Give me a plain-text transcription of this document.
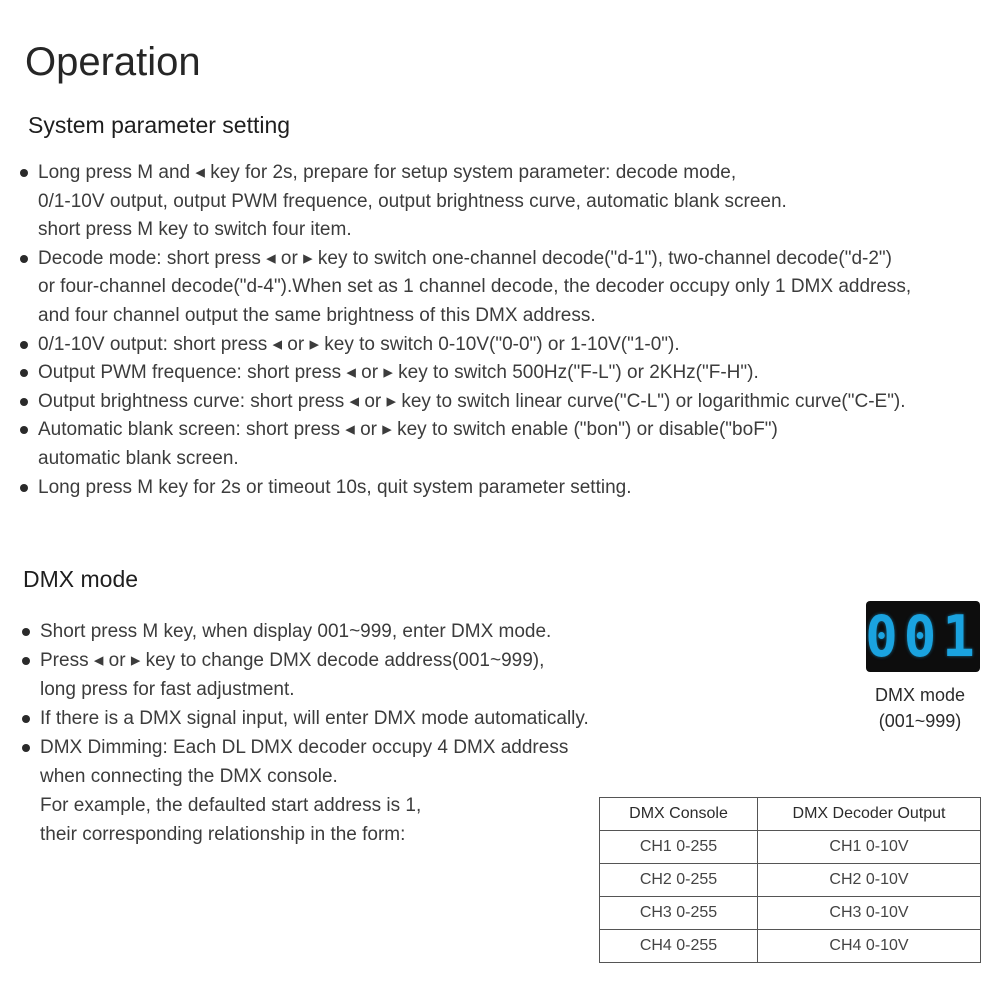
Operation
System parameter setting
Long press M and ◂ key for 2s, prepare for setup system parameter: decode mode,
0/1-10V output, output PWM frequence, output brightness curve, automatic blank screen.
short press M key to switch four item.
Decode mode: short press ◂ or ▸ key to switch one-channel decode("d-1"), two-channel decode("d-2")
or four-channel decode("d-4").When set as 1 channel decode, the decoder occupy only 1 DMX address,
and four channel output the same brightness of this DMX address.
0/1-10V output: short press ◂ or ▸ key to switch 0-10V("0-0") or 1-10V("1-0").
Output PWM frequence: short press ◂ or ▸ key to switch 500Hz("F-L") or 2KHz("F-H").
Output brightness curve: short press ◂ or ▸ key to switch linear curve("C-L") or logarithmic curve("C-E").
Automatic blank screen: short press ◂ or ▸ key to switch enable ("bon") or disable("boF")
automatic blank screen.
Long press M key for 2s or timeout 10s, quit system parameter setting.
DMX mode
Short press M key, when display 001~999, enter DMX mode.
Press ◂ or ▸ key to change DMX decode address(001~999),
long press for fast adjustment.
If there is a DMX signal input, will enter DMX mode automatically.
DMX Dimming: Each DL DMX decoder occupy 4 DMX address
when connecting the DMX console.
For example, the defaulted start address is 1,
their corresponding relationship in the form:
001
DMX mode
(001~999)
DMX Console	DMX Decoder Output
CH1 0-255	CH1 0-10V
CH2 0-255	CH2 0-10V
CH3 0-255	CH3 0-10V
CH4 0-255	CH4 0-10V
